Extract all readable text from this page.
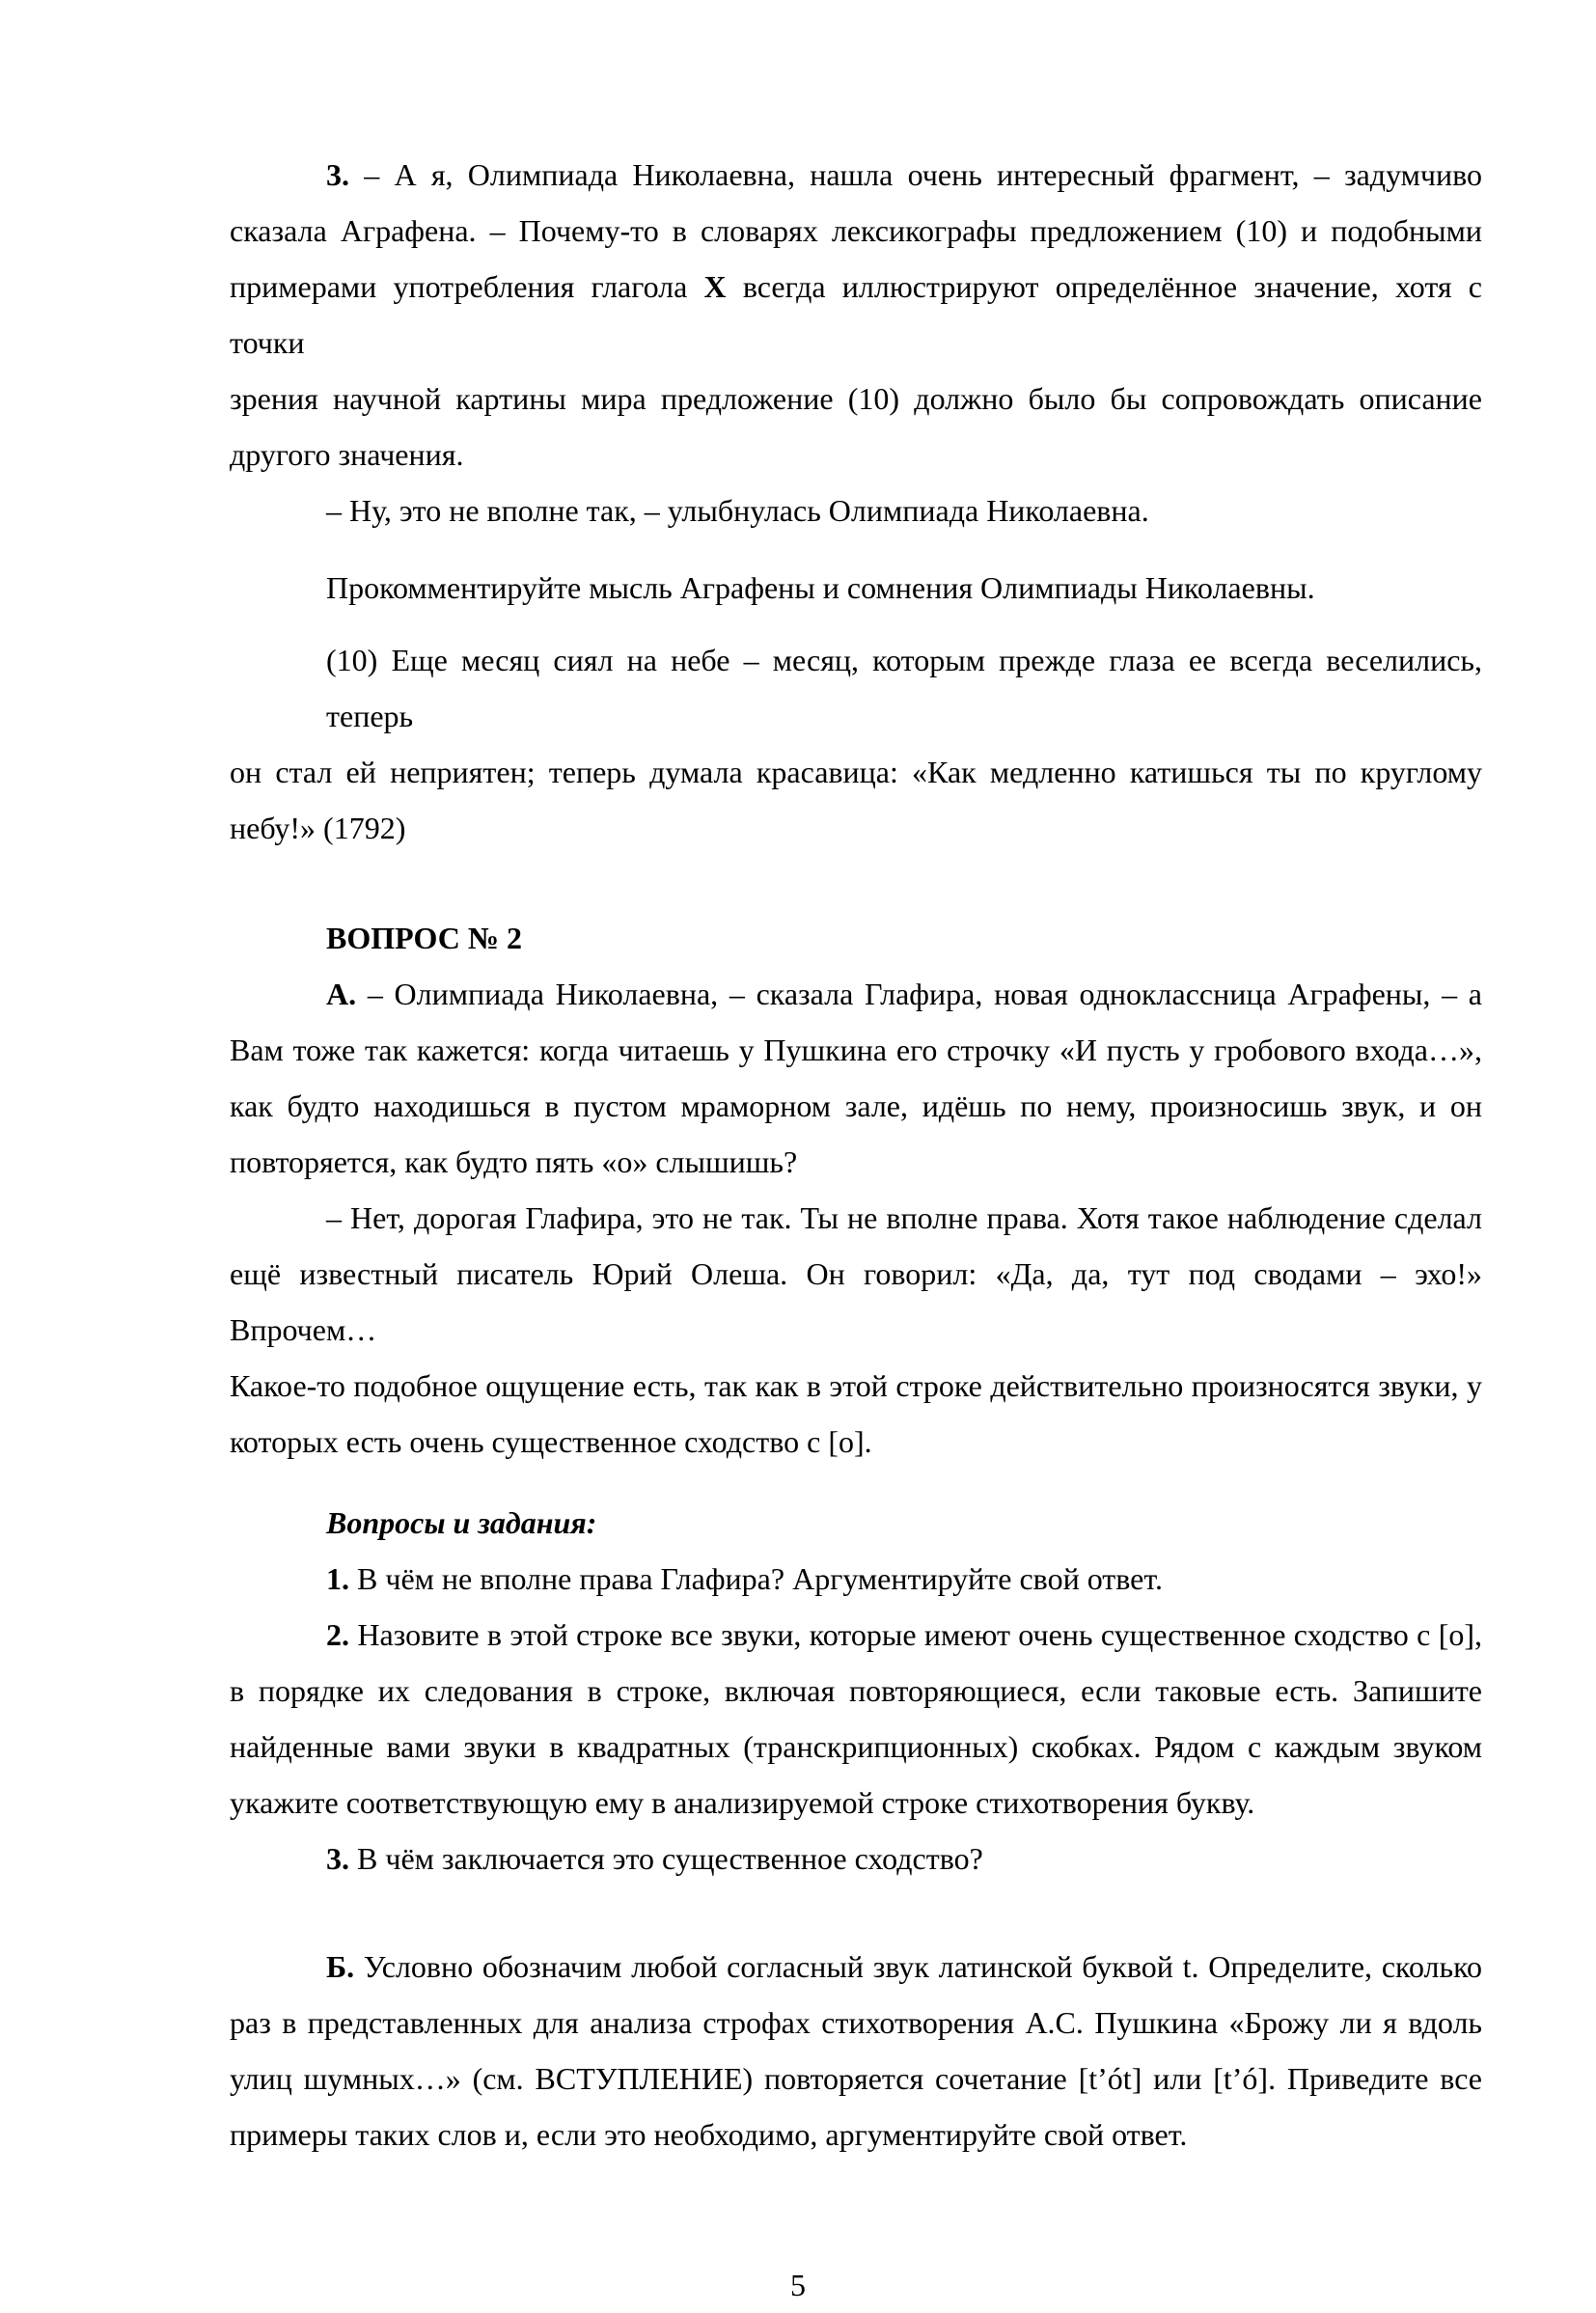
3. – А я, Олимпиада Николаевна, нашла очень интересный фрагмент, – задумчиво
сказала Аграфена. – Почему-то в словарях лексикографы предложением (10) и подобными
примерами употребления глагола X всегда иллюстрируют определённое значение, хотя с точки
зрения научной картины мира предложение (10) должно было бы сопровождать описание
другого значения.
– Ну, это не вполне так, – улыбнулась Олимпиада Николаевна.
Прокомментируйте мысль Аграфены и сомнения Олимпиады Николаевны.
(10) Еще месяц сиял на небе – месяц, которым прежде глаза ее всегда веселились, теперь
он стал ей неприятен; теперь думала красавица: «Как медленно катишься ты по круглому
небу!» (1792)
ВОПРОС № 2
А. – Олимпиада Николаевна, – сказала Глафира, новая одноклассница Аграфены, – а
Вам тоже так кажется: когда читаешь у Пушкина его строчку «И пусть у гробового входа…»,
как будто находишься в пустом мраморном зале, идёшь по нему, произносишь звук, и он
повторяется, как будто пять «о» слышишь?
– Нет, дорогая Глафира, это не так. Ты не вполне права. Хотя такое наблюдение сделал
ещё известный писатель Юрий Олеша. Он говорил: «Да, да, тут под сводами – эхо!» Впрочем…
Какое-то подобное ощущение есть, так как в этой строке действительно произносятся звуки, у
которых есть очень существенное сходство с [о].
Вопросы и задания:
1. В чём не вполне права Глафира? Аргументируйте свой ответ.
2. Назовите в этой строке все звуки, которые имеют очень существенное сходство с [о],
в порядке их следования в строке, включая повторяющиеся, если таковые есть. Запишите
найденные вами звуки в квадратных (транскрипционных) скобках. Рядом с каждым звуком
укажите соответствующую ему в анализируемой строке стихотворения букву.
3. В чём заключается это существенное сходство?
Б. Условно обозначим любой согласный звук латинской буквой t. Определите, сколько
раз в представленных для анализа строфах стихотворения А.С. Пушкина «Брожу ли я вдоль
улиц шумных…» (см. ВСТУПЛЕНИЕ) повторяется сочетание [t’ót] или [t’ó]. Приведите все
примеры таких слов и, если это необходимо, аргументируйте свой ответ.
5
